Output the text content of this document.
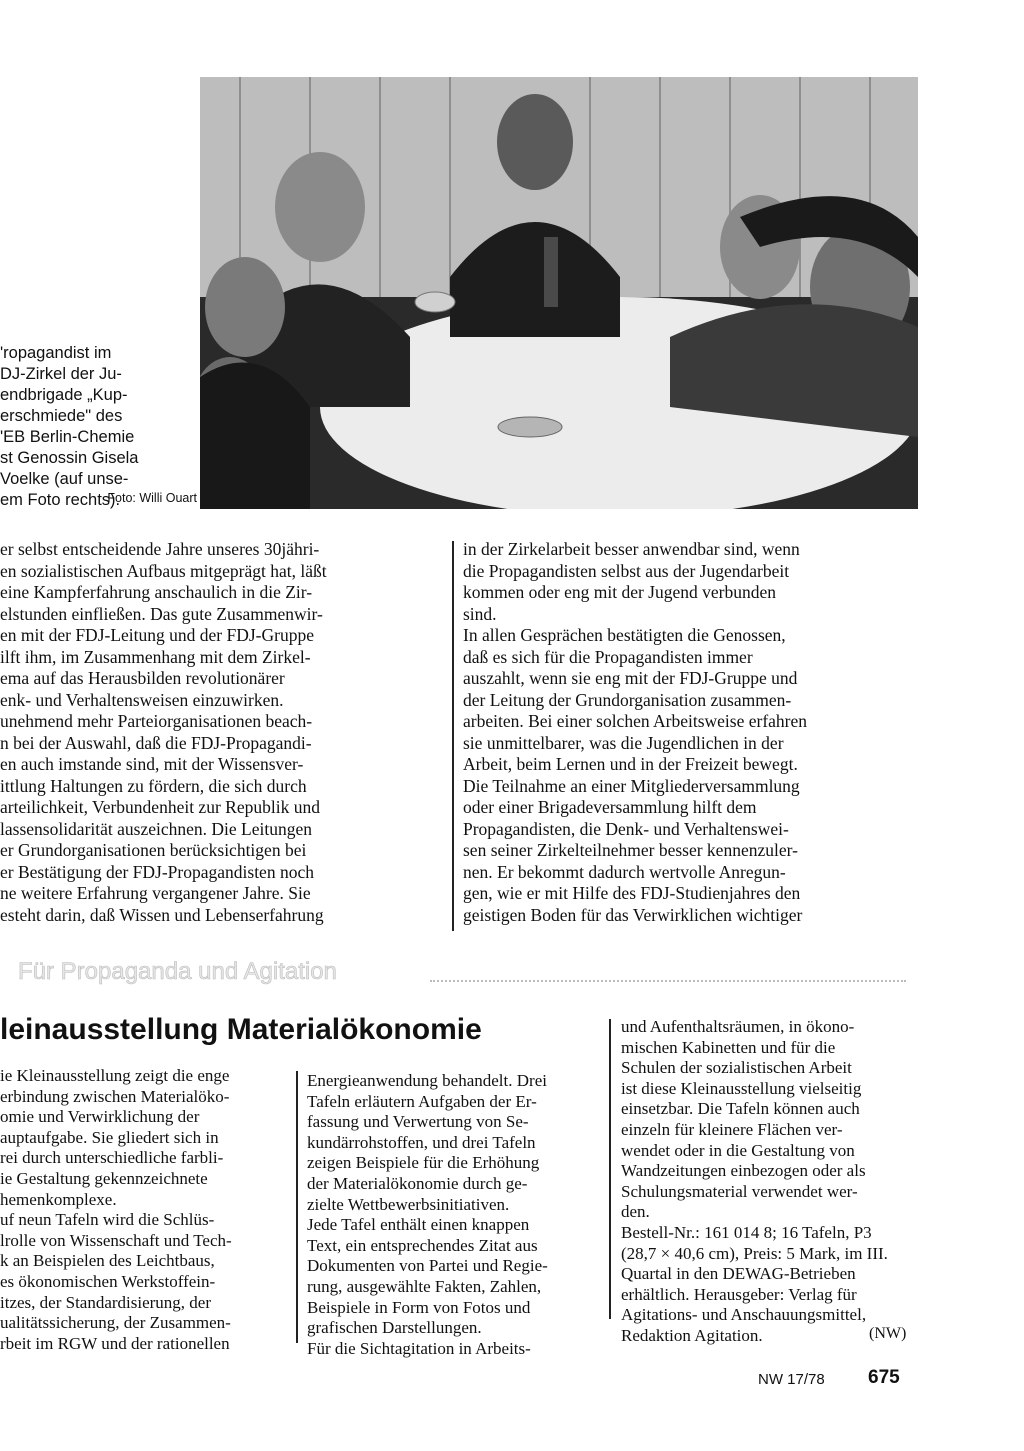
'ropagandist im
DJ-Zirkel der Ju-
endbrigade „Kup-
erschmiede" des
'EB Berlin-Chemie
st Genossin Gisela
Voelke (auf unse-
em Foto rechts).
Foto: Willi Ouart
er selbst entscheidende Jahre unseres 30jähri-
en sozialistischen Aufbaus mitgeprägt hat, läßt
eine Kampferfahrung anschaulich in die Zir-
elstunden einfließen. Das gute Zusammenwir-
en mit der FDJ-Leitung und der FDJ-Gruppe
ilft ihm, im Zusammenhang mit dem Zirkel-
ema auf das Herausbilden revolutionärer
enk- und Verhaltensweisen einzuwirken.
unehmend mehr Parteiorganisationen beach-
n bei der Auswahl, daß die FDJ-Propagandi-
en auch imstande sind, mit der Wissensver-
ittlung Haltungen zu fördern, die sich durch
arteilichkeit, Verbundenheit zur Republik und
lassensolidarität auszeichnen. Die Leitungen
er Grundorganisationen berücksichtigen bei
er Bestätigung der FDJ-Propagandisten noch
ne weitere Erfahrung vergangener Jahre. Sie
esteht darin, daß Wissen und Lebenserfahrung
in der Zirkelarbeit besser anwendbar sind, wenn
die Propagandisten selbst aus der Jugendarbeit
kommen oder eng mit der Jugend verbunden
sind.
In allen Gesprächen bestätigten die Genossen,
daß es sich für die Propagandisten immer
auszahlt, wenn sie eng mit der FDJ-Gruppe und
der Leitung der Grundorganisation zusammen-
arbeiten. Bei einer solchen Arbeitsweise erfahren
sie unmittelbarer, was die Jugendlichen in der
Arbeit, beim Lernen und in der Freizeit bewegt.
Die Teilnahme an einer Mitgliederversammlung
oder einer Brigadeversammlung hilft dem
Propagandisten, die Denk- und Verhaltenswei-
sen seiner Zirkelteilnehmer besser kennenzuler-
nen. Er bekommt dadurch wertvolle Anregun-
gen, wie er mit Hilfe des FDJ-Studienjahres den
geistigen Boden für das Verwirklichen wichtiger
Für Propaganda und Agitation
leinausstellung Materialökonomie
ie Kleinausstellung zeigt die enge
erbindung zwischen Materialöko-
omie und Verwirklichung der
auptaufgabe. Sie gliedert sich in
rei durch unterschiedliche farbli-
ie Gestaltung gekennzeichnete
hemenkomplexe.
uf neun Tafeln wird die Schlüs-
lrolle von Wissenschaft und Tech-
k an Beispielen des Leichtbaus,
es ökonomischen Werkstoffein-
itzes, der Standardisierung, der
ualitätssicherung, der Zusammen-
rbeit im RGW und der rationellen
Energieanwendung behandelt. Drei
Tafeln erläutern Aufgaben der Er-
fassung und Verwertung von Se-
kundärrohstoffen, und drei Tafeln
zeigen Beispiele für die Erhöhung
der Materialökonomie durch ge-
zielte Wettbewerbsinitiativen.
Jede Tafel enthält einen knappen
Text, ein entsprechendes Zitat aus
Dokumenten von Partei und Regie-
rung, ausgewählte Fakten, Zahlen,
Beispiele in Form von Fotos und
grafischen Darstellungen.
Für die Sichtagitation in Arbeits-
und Aufenthaltsräumen, in ökono-
mischen Kabinetten und für die
Schulen der sozialistischen Arbeit
ist diese Kleinausstellung vielseitig
einsetzbar. Die Tafeln können auch
einzeln für kleinere Flächen ver-
wendet oder in die Gestaltung von
Wandzeitungen einbezogen oder als
Schulungsmaterial verwendet wer-
den.
Bestell-Nr.: 161 014 8; 16 Tafeln, P3
(28,7 × 40,6 cm), Preis: 5 Mark, im III.
Quartal in den DEWAG-Betrieben
erhältlich. Herausgeber: Verlag für
Agitations- und Anschauungsmittel,
Redaktion Agitation.	(NW)
NW 17/78 675
